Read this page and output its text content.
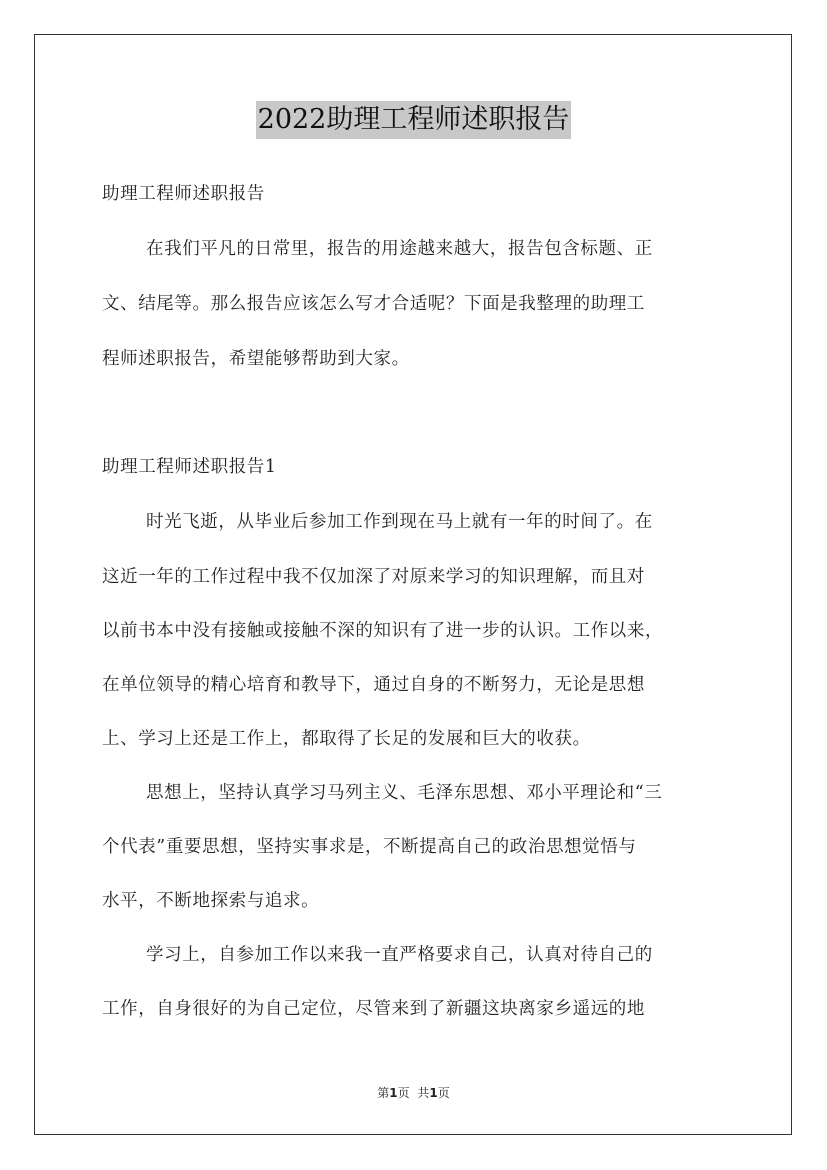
2022助理工程师述职报告
助理工程师述职报告
在我们平凡的日常里，报告的用途越来越大，报告包含标题、正
文、结尾等。那么报告应该怎么写才合适呢？下面是我整理的助理工
程师述职报告，希望能够帮助到大家。
助理工程师述职报告1
时光飞逝，从毕业后参加工作到现在马上就有一年的时间了。在
这近一年的工作过程中我不仅加深了对原来学习的知识理解，而且对
以前书本中没有接触或接触不深的知识有了进一步的认识。工作以来，
在单位领导的精心培育和教导下，通过自身的不断努力，无论是思想
上、学习上还是工作上，都取得了长足的发展和巨大的收获。
思想上，坚持认真学习马列主义、毛泽东思想、邓小平理论和“三
个代表”重要思想，坚持实事求是，不断提高自己的政治思想觉悟与
水平，不断地探索与追求。
学习上，自参加工作以来我一直严格要求自己，认真对待自己的
工作，自身很好的为自己定位，尽管来到了新疆这块离家乡遥远的地
第1页 共1页
